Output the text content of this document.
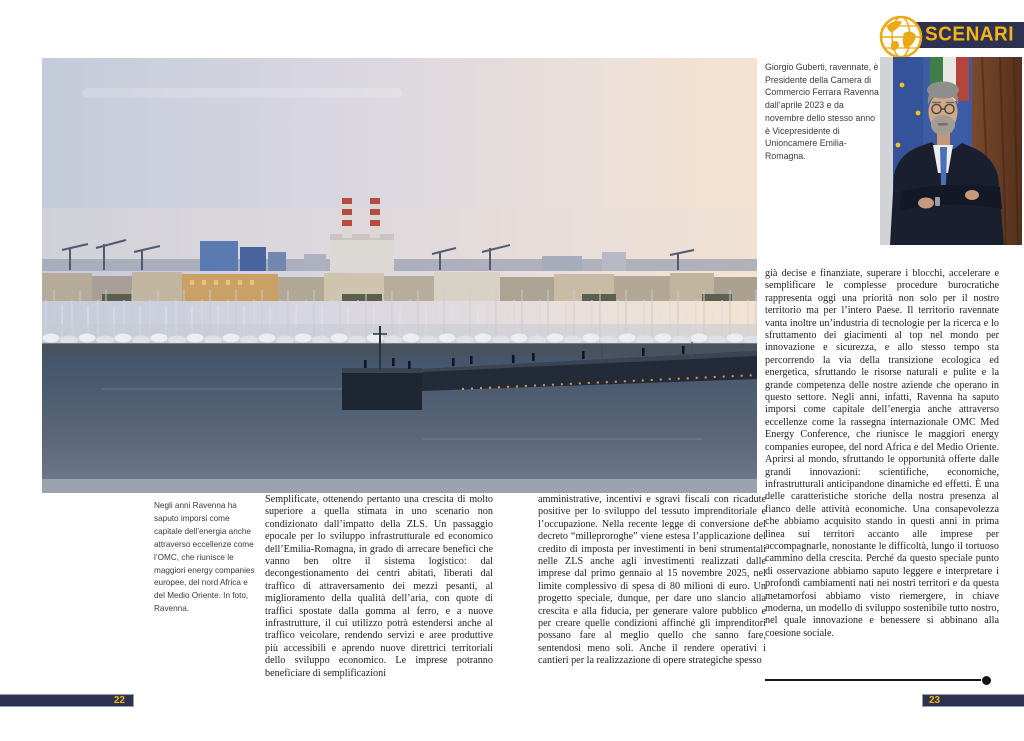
SCENARI

Giorgio Guberti, ravennate, è Presidente della Camera di Commercio Ferrara Ravenna dall’aprile 2023 e da novembre dello stesso anno è Vicepresidente di Unioncamere Emilia-Romagna.

Negli anni Ravenna ha saputo imporsi come capitale dell’energia anche attraverso eccellenze come l’OMC, che riunisce le maggiori energy companies europee, del nord Africa e del Medio Oriente. In foto, Ravenna.

Semplificate, ottenendo pertanto una crescita di molto superiore a quella stimata in uno scenario non condizionato dall’impatto della ZLS. Un passaggio epocale per lo sviluppo infrastrutturale ed economico dell’Emilia-Romagna, in grado di arrecare benefici che vanno ben oltre il sistema logistico: dal decongestionamento dei centri abitati, liberati dal traffico di attraversamento dei mezzi pesanti, al miglioramento della qualità dell’aria, con quote di traffici spostate dalla gomma al ferro, e a nuove infrastrutture, il cui utilizzo potrà estendersi anche al traffico veicolare, rendendo servizi e aree produttive più accessibili e aprendo nuove direttrici territoriali dello sviluppo economico. Le imprese potranno beneficiare di semplificazioni
amministrative, incentivi e sgravi fiscali con ricadute positive per lo sviluppo del tessuto imprenditoriale e l’occupazione. Nella recente legge di conversione del decreto “milleproroghe” viene estesa l’applicazione del credito di imposta per investimenti in beni strumentali nelle ZLS anche agli investimenti realizzati dalle imprese dal primo gennaio al 15 novembre 2025, nel limite complessivo di spesa di 80 milioni di euro. Un progetto speciale, dunque, per dare uno slancio alla crescita e alla fiducia, per generare valore pubblico e per creare quelle condizioni affinché gli imprenditori possano fare al meglio quello che sanno fare, sentendosi meno soli. Anche il rendere operativi i cantieri per la realizzazione di opere strategiche spesso
già decise e finanziate, superare i blocchi, accelerare e semplificare le complesse procedure burocratiche rappresenta oggi una priorità non solo per il nostro territorio ma per l’intero Paese. Il territorio ravennate vanta inoltre un’industria di tecnologie per la ricerca e lo sfruttamento dei giacimenti al top nel mondo per innovazione e sicurezza, e allo stesso tempo sta percorrendo la via della transizione ecologica ed energetica, sfruttando le risorse naturali e pulite e la grande competenza delle nostre aziende che operano in questo settore. Negli anni, infatti, Ravenna ha saputo imporsi come capitale dell’energia anche attraverso eccellenze come la rassegna internazionale OMC Med Energy Conference, che riunisce le maggiori energy companies europee, del nord Africa e del Medio Oriente. Aprirsi al mondo, sfruttando le opportunità offerte dalle grandi innovazioni: scientifiche, economiche, infrastrutturali anticipandone dinamiche ed effetti. È una delle caratteristiche storiche della nostra presenza al fianco delle attività economiche. Una consapevolezza che abbiamo acquisito stando in questi anni in prima linea sui territori accanto alle imprese per accompagnarle, nonostante le difficoltà, lungo il tortuoso cammino della crescita. Perché da questo speciale punto di osservazione abbiamo saputo leggere e interpretare i profondi cambiamenti nati nei nostri territori e da questa metamorfosi abbiamo visto riemergere, in chiave moderna, un modello di sviluppo sostenibile tutto nostro, nel quale innovazione e benessere si abbinano alla coesione sociale.
22	23
